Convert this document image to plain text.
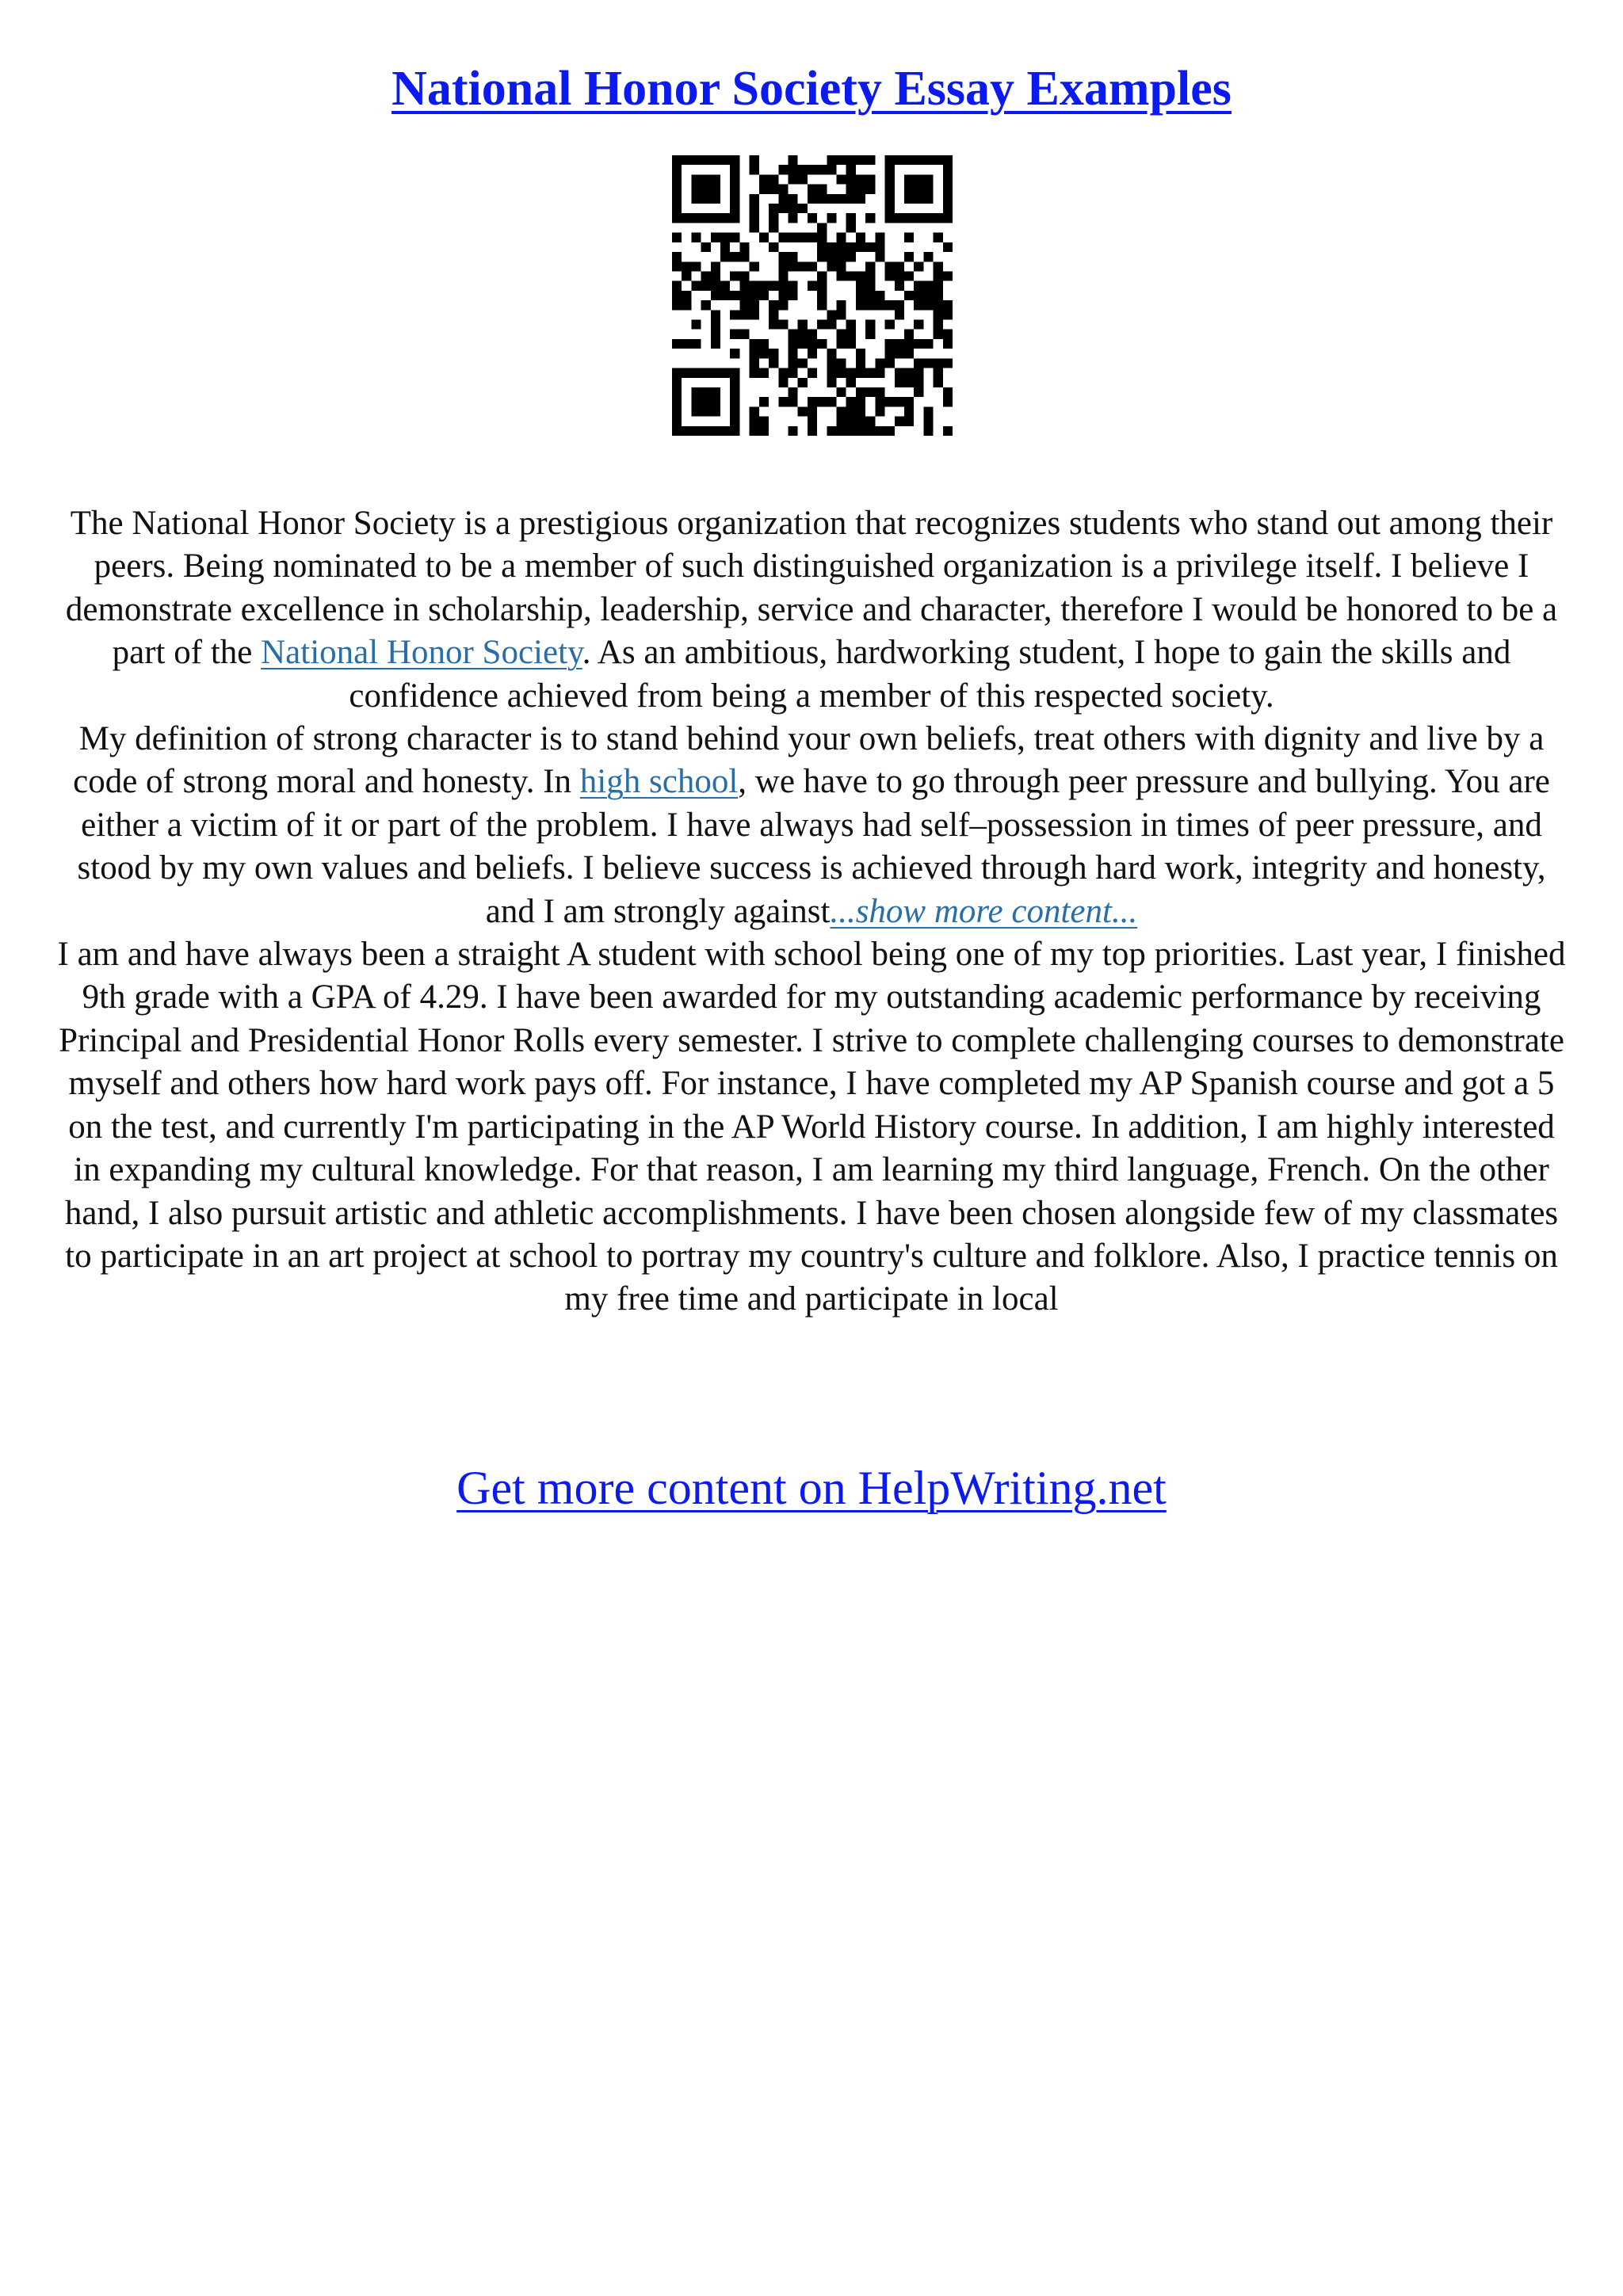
National Honor Society Essay Examples

The National Honor Society is a prestigious organization that recognizes students who stand out among their peers. Being nominated to be a member of such distinguished organization is a privilege itself. I believe I demonstrate excellence in scholarship, leadership, service and character, therefore I would be honored to be a part of the National Honor Society. As an ambitious, hardworking student, I hope to gain the skills and confidence achieved from being a member of this respected society.

My definition of strong character is to stand behind your own beliefs, treat others with dignity and live by a code of strong moral and honesty. In high school, we have to go through peer pressure and bullying. You are either a victim of it or part of the problem. I have always had self–possession in times of peer pressure, and stood by my own values and beliefs. I believe success is achieved through hard work, integrity and honesty, and I am strongly against...show more content...

I am and have always been a straight A student with school being one of my top priorities. Last year, I finished 9th grade with a GPA of 4.29. I have been awarded for my outstanding academic performance by receiving Principal and Presidential Honor Rolls every semester. I strive to complete challenging courses to demonstrate myself and others how hard work pays off. For instance, I have completed my AP Spanish course and got a 5 on the test, and currently I'm participating in the AP World History course. In addition, I am highly interested in expanding my cultural knowledge. For that reason, I am learning my third language, French. On the other hand, I also pursuit artistic and athletic accomplishments. I have been chosen alongside few of my classmates to participate in an art project at school to portray my country's culture and folklore. Also, I practice tennis on my free time and participate in local

Get more content on HelpWriting.net
